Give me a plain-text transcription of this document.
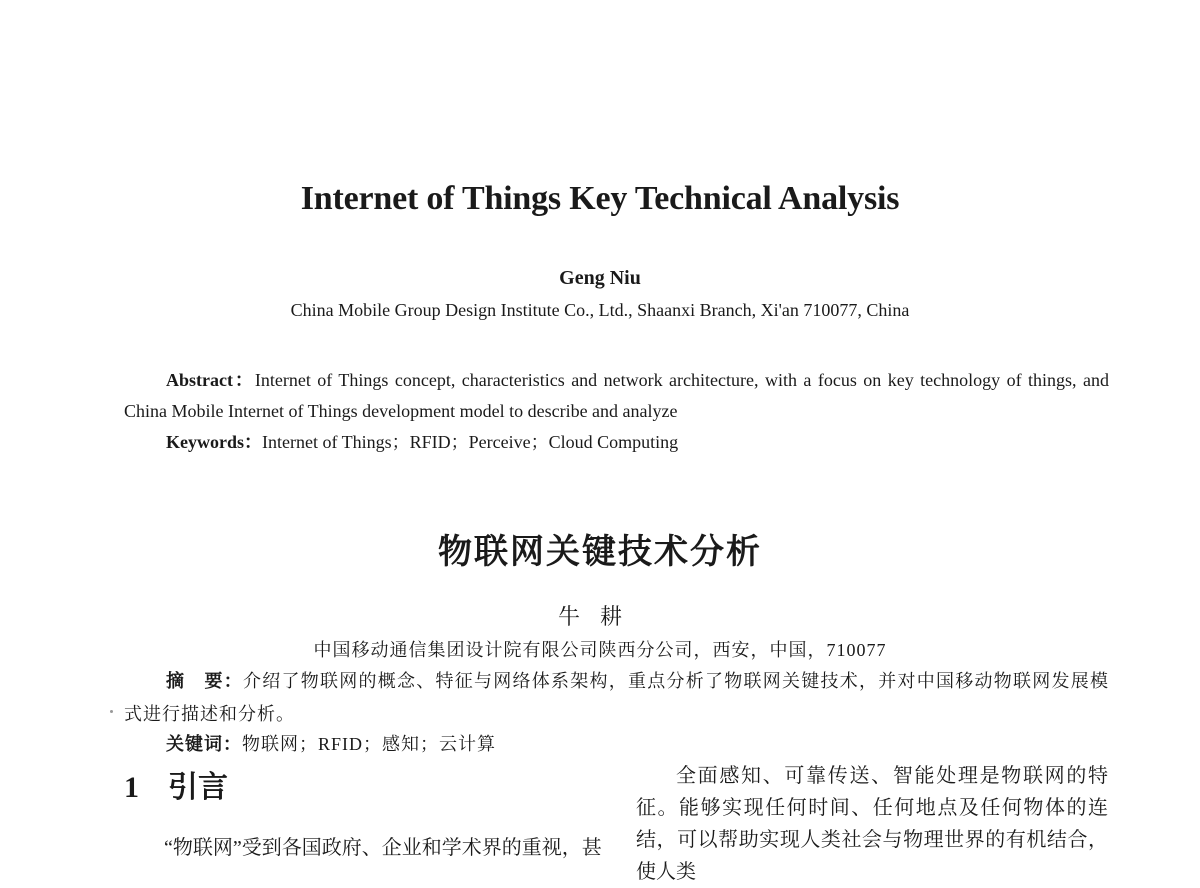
Internet of Things Key Technical Analysis
Geng Niu
China Mobile Group Design Institute Co., Ltd., Shaanxi Branch, Xi'an 710077, China
Abstract：Internet of Things concept, characteristics and network architecture, with a focus on key technology of things, and China Mobile Internet of Things development model to describe and analyze
Keywords：Internet of Things；RFID；Perceive；Cloud Computing
物联网关键技术分析
牛耕
中国移动通信集团设计院有限公司陕西分公司，西安，中国，710077
摘　要：介绍了物联网的概念、特征与网络体系架构，重点分析了物联网关键技术，并对中国移动物联网发展模式进行描述和分析。
关键词：物联网；RFID；感知；云计算
1 引言
“物联网”受到各国政府、企业和学术界的重视，甚
全面感知、可靠传送、智能处理是物联网的特征。能够实现任何时间、任何地点及任何物体的连结，可以帮助实现人类社会与物理世界的有机结合，使人类
